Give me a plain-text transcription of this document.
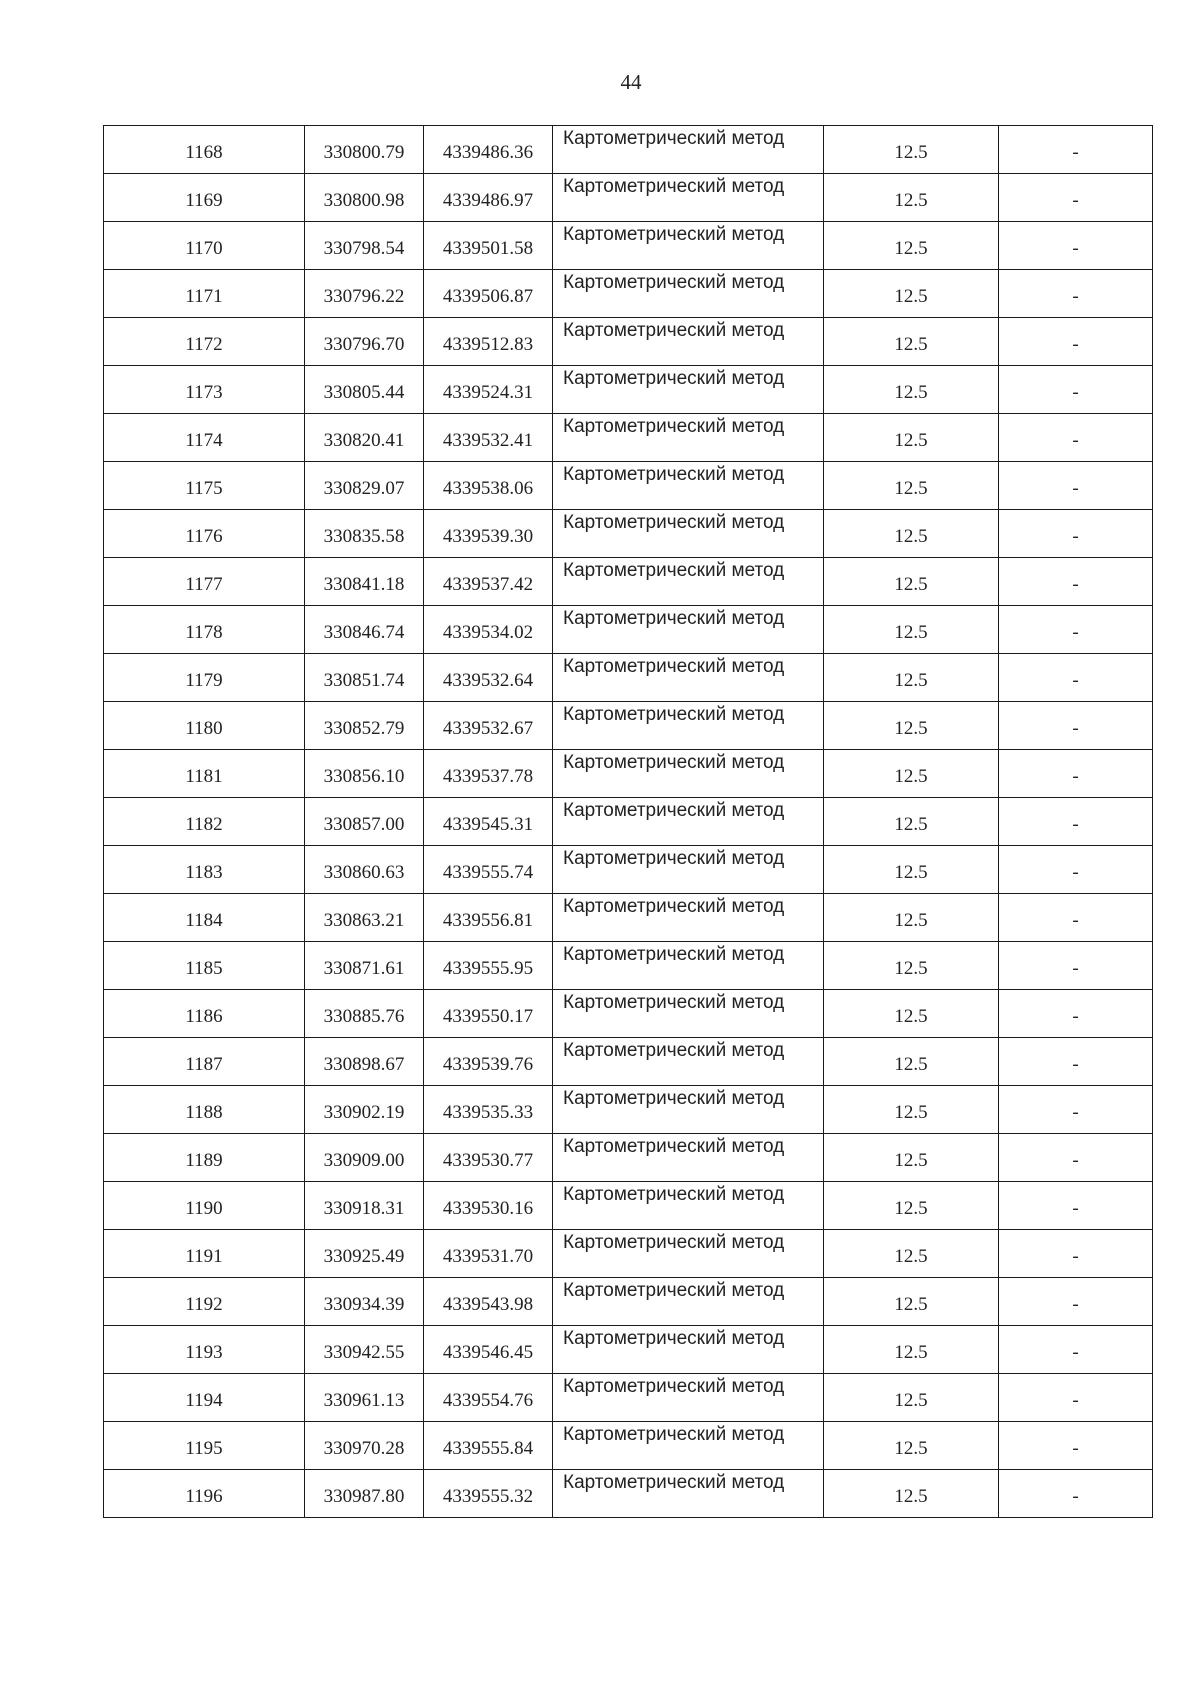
44
1168	330800.79	4339486.36	Картометрический метод	12.5	-
1169	330800.98	4339486.97	Картометрический метод	12.5	-
1170	330798.54	4339501.58	Картометрический метод	12.5	-
1171	330796.22	4339506.87	Картометрический метод	12.5	-
1172	330796.70	4339512.83	Картометрический метод	12.5	-
1173	330805.44	4339524.31	Картометрический метод	12.5	-
1174	330820.41	4339532.41	Картометрический метод	12.5	-
1175	330829.07	4339538.06	Картометрический метод	12.5	-
1176	330835.58	4339539.30	Картометрический метод	12.5	-
1177	330841.18	4339537.42	Картометрический метод	12.5	-
1178	330846.74	4339534.02	Картометрический метод	12.5	-
1179	330851.74	4339532.64	Картометрический метод	12.5	-
1180	330852.79	4339532.67	Картометрический метод	12.5	-
1181	330856.10	4339537.78	Картометрический метод	12.5	-
1182	330857.00	4339545.31	Картометрический метод	12.5	-
1183	330860.63	4339555.74	Картометрический метод	12.5	-
1184	330863.21	4339556.81	Картометрический метод	12.5	-
1185	330871.61	4339555.95	Картометрический метод	12.5	-
1186	330885.76	4339550.17	Картометрический метод	12.5	-
1187	330898.67	4339539.76	Картометрический метод	12.5	-
1188	330902.19	4339535.33	Картометрический метод	12.5	-
1189	330909.00	4339530.77	Картометрический метод	12.5	-
1190	330918.31	4339530.16	Картометрический метод	12.5	-
1191	330925.49	4339531.70	Картометрический метод	12.5	-
1192	330934.39	4339543.98	Картометрический метод	12.5	-
1193	330942.55	4339546.45	Картометрический метод	12.5	-
1194	330961.13	4339554.76	Картометрический метод	12.5	-
1195	330970.28	4339555.84	Картометрический метод	12.5	-
1196	330987.80	4339555.32	Картометрический метод	12.5	-
